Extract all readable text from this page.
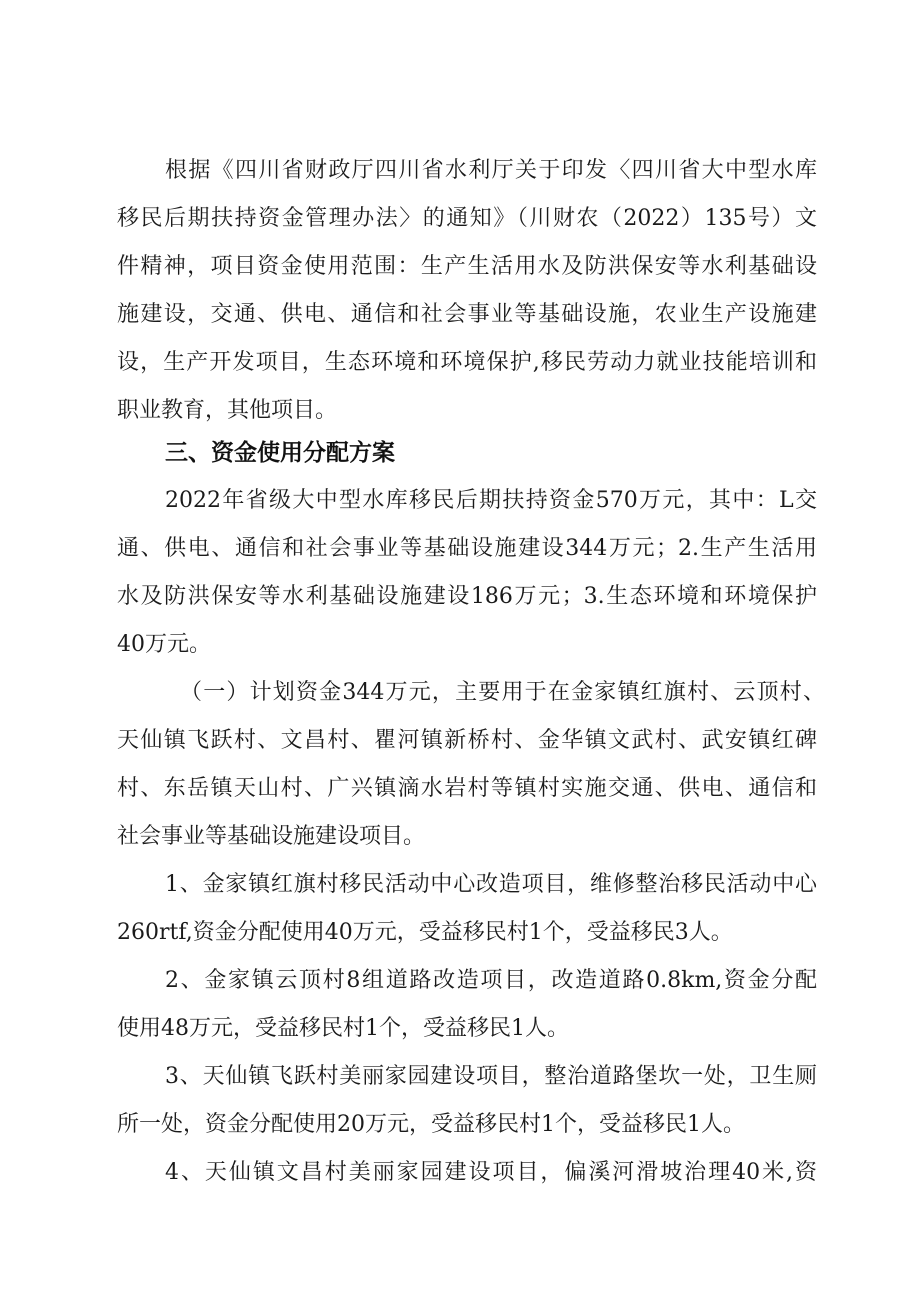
根据《四川省财政厅四川省水利厅关于印发〈四川省大中型水库
移民后期扶持资金管理办法〉的通知》（川财农（2022）135号）文
件精神，项目资金使用范围：生产生活用水及防洪保安等水利基础设
施建设，交通、供电、通信和社会事业等基础设施，农业生产设施建
设，生产开发项目，生态环境和环境保护,移民劳动力就业技能培训和
职业教育，其他项目。
三、资金使用分配方案
2022年省级大中型水库移民后期扶持资金570万元，其中：L交
通、供电、通信和社会事业等基础设施建设344万元；2.生产生活用
水及防洪保安等水利基础设施建设186万元；3.生态环境和环境保护
40万元。
（一）计划资金344万元，主要用于在金家镇红旗村、云顶村、
天仙镇飞跃村、文昌村、瞿河镇新桥村、金华镇文武村、武安镇红碑
村、东岳镇天山村、广兴镇滴水岩村等镇村实施交通、供电、通信和
社会事业等基础设施建设项目。
1、金家镇红旗村移民活动中心改造项目，维修整治移民活动中心
260rtf,资金分配使用40万元，受益移民村1个，受益移民3人。
2、金家镇云顶村8组道路改造项目，改造道路0.8km,资金分配
使用48万元，受益移民村1个，受益移民1人。
3、天仙镇飞跃村美丽家园建设项目，整治道路堡坎一处，卫生厕
所一处，资金分配使用20万元，受益移民村1个，受益移民1人。
4、天仙镇文昌村美丽家园建设项目，偏溪河滑坡治理40米,资
